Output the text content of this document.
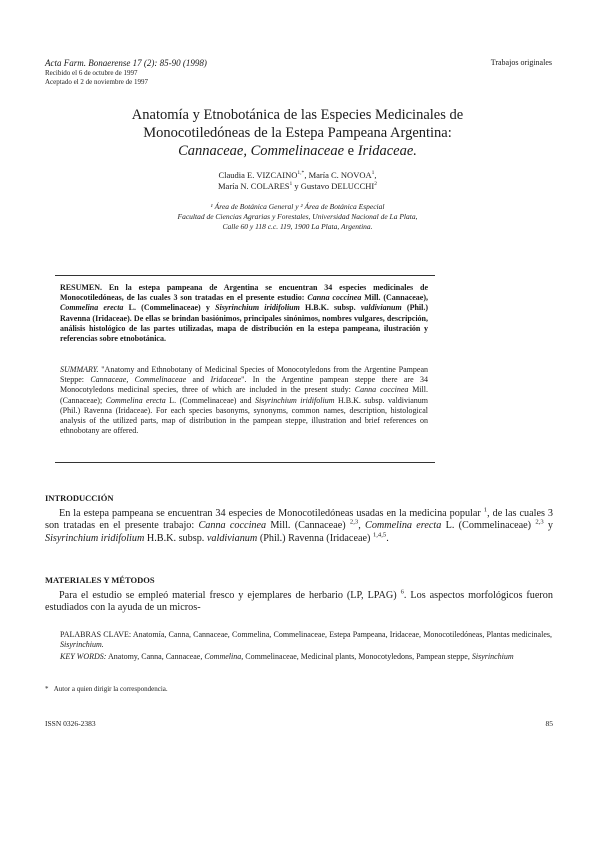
Acta Farm. Bonaerense 17 (2): 85-90 (1998)	Trabajos originales
Recibido el 6 de octubre de 1997
Aceptado el 2 de noviembre de 1997
Anatomía y Etnobotánica de las Especies Medicinales de
Monocotiledóneas de la Estepa Pampeana Argentina:
Cannaceae, Commelinaceae e Iridaceae.
Claudia E. $VIZCAINO^{1,*}$, María C. NOVOA$^1$,
María N. COLARES$^1$ y Gustavo DELUCCHI$^2$
¹ Área de Botánica General y ² Área de Botánica Especial
Facultad de Ciencias Agrarias y Forestales, Universidad Nacional de La Plata,
Calle 60 y 118 c.c. 119, 1900 La Plata, Argentina.
RESUMEN. En la estepa pampeana de Argentina se encuentran 34 especies medicinales de Monocotiledóneas, de las cuales 3 son tratadas en el presente estudio: Canna coccinea Mill. (Cannaceae), Commelina erecta L. (Commelinaceae) y Sisyrinchium iridifolium H.B.K. subsp. valdivianum (Phil.) Ravenna (Iridaceae). De ellas se brindan basiónimos, principales sinónimos, nombres vulgares, descripción, análisis histológico de las partes utilizadas, mapa de distribución en la estepa pampeana, ilustración y referencias sobre etnobotánica.
SUMMARY. "Anatomy and Ethnobotany of Medicinal Species of Monocotyledons from the Argentine Pampean Steppe: Cannaceae, Commelinaceae and Iridaceae". In the Argentine pampean steppe there are 34 Monocotyledons medicinal species, three of which are included in the present study: Canna coccinea Mill. (Cannaceae); Commelina erecta L. (Commelinaceae) and Sisyrinchium iridifolium H.B.K. subsp. valdivianum (Phil.) Ravenna (Iridaceae). For each species basonyms, synonyms, common names, description, histological analysis of the utilized parts, map of distribution in the pampean steppe, illustration and brief references on ethnobotany are offered.
INTRODUCCIÓN
En la estepa pampeana se encuentran 34 especies de Monocotiledóneas usadas en la medicina popular $^1$, de las cuales 3 son tratadas en el presente trabajo: Canna coccinea Mill. (Cannaceae) $^{2,3}$, Commelina erecta L. (Commelinaceae) $^{2,3}$ y Sisyrinchium iridifolium H.B.K. subsp. valdivianum (Phil.) Ravenna (Iridaceae) $^{1,4,5}$.
MATERIALES Y MÉTODOS
Para el estudio se empleó material fresco y ejemplares de herbario (LP, LPAG) $^6$. Los aspectos morfológicos fueron estudiados con la ayuda de un micros-
PALABRAS CLAVE: Anatomía, Canna, Cannaceae, Commelina, Commelinaceae, Estepa Pampeana, Iridaceae, Monocotiledóneas, Plantas medicinales, Sisyrinchium.
KEY WORDS: Anatomy, Canna, Cannaceae, Commelina, Commelinaceae, Medicinal plants, Monocotyledons, Pampean steppe, Sisyrinchium
* Autor a quien dirigir la correspondencia.
ISSN 0326-2383	85
